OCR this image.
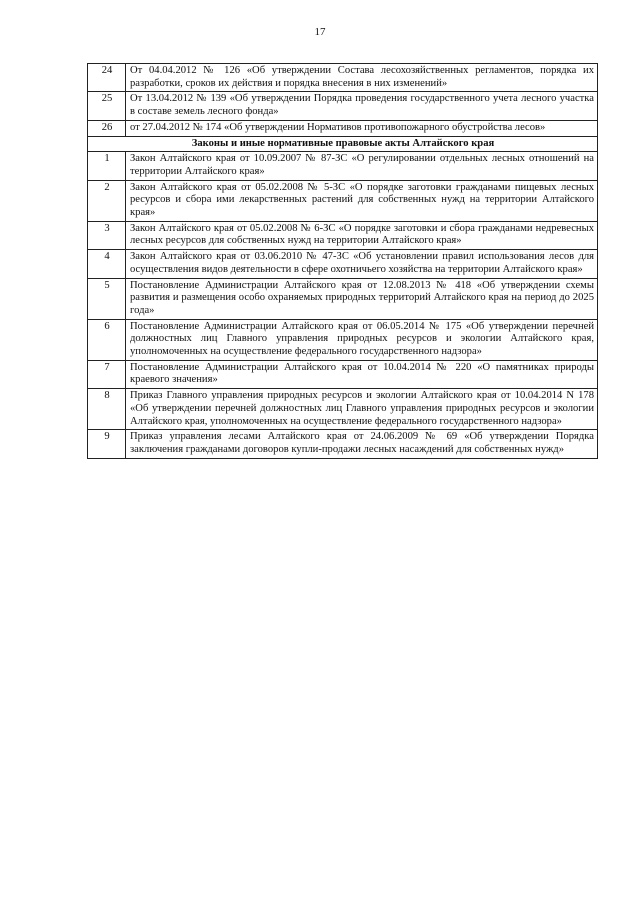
17
24	От 04.04.2012 № 126 «Об утверждении Состава лесохозяйственных регламентов, порядка их разработки, сроков их действия и порядка внесения в них изменений»
25	От 13.04.2012 № 139 «Об утверждении Порядка проведения государственного учета лесного участка в составе земель лесного фонда»
26	от 27.04.2012 № 174 «Об утверждении Нормативов противопожарного обустройства лесов»
Законы и иные нормативные правовые акты Алтайского края	
1	Закон Алтайского края от 10.09.2007 № 87-ЗС «О регулировании отдельных лесных отношений на территории Алтайского края»
2	Закон Алтайского края от 05.02.2008 № 5-ЗС «О порядке заготовки гражданами пищевых лесных ресурсов и сбора ими лекарственных растений для собственных нужд на территории Алтайского края»
3	Закон Алтайского края от 05.02.2008 № 6-ЗС «О порядке заготовки и сбора гражданами недревесных лесных ресурсов для собственных нужд на территории Алтайского края»
4	Закон Алтайского края от 03.06.2010 № 47-ЗС «Об установлении правил использования лесов для осуществления видов деятельности в сфере охотничьего хозяйства на территории Алтайского края»
5	Постановление Администрации Алтайского края от 12.08.2013 № 418 «Об утверждении схемы развития и размещения особо охраняемых природных территорий Алтайского края на период до 2025 года»
6	Постановление Администрации Алтайского края от 06.05.2014 № 175 «Об утверждении перечней должностных лиц Главного управления природных ресурсов и экологии Алтайского края, уполномоченных на осуществление федерального государственного надзора»
7	Постановление Администрации Алтайского края от 10.04.2014 № 220 «О памятниках природы краевого значения»
8	Приказ Главного управления природных ресурсов и экологии Алтайского края от 10.04.2014 N 178 «Об утверждении перечней должностных лиц Главного управления природных ресурсов и экологии Алтайского края, уполномоченных на осуществление федерального государственного надзора»
9	Приказ управления лесами Алтайского края от 24.06.2009 № 69 «Об утверждении Порядка заключения гражданами договоров купли-продажи лесных насаждений для собственных нужд»
